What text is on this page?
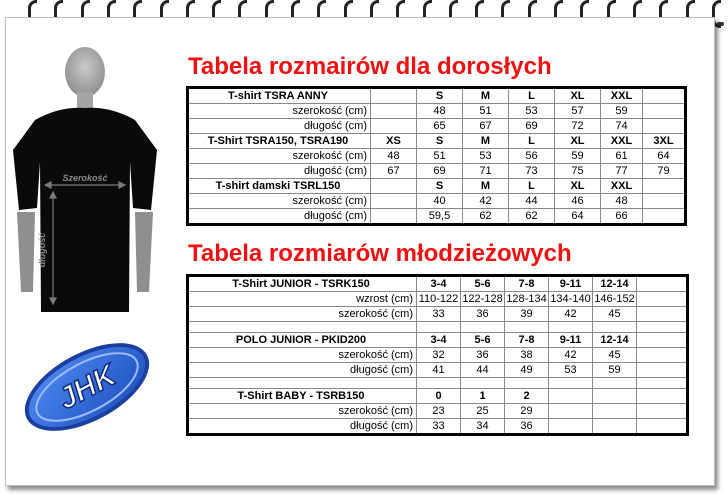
Szerokość
długość
Tabela rozmairów dla dorosłych
T-shirt TSRA ANNY		S	M	L	XL	XXL	
szerokość (cm)		48	51	53	57	59	
długość (cm)		65	67	69	72	74	
T-Shirt TSRA150, TSRA190	XS	S	M	L	XL	XXL	3XL
szerokość (cm)	48	51	53	56	59	61	64
długość (cm)	67	69	71	73	75	77	79
T-shirt damski TSRL150		S	M	L	XL	XXL	
szerokość (cm)		40	42	44	46	48	
długość (cm)		59,5	62	62	64	66	
Tabela rozmiarów młodzieżowych
T-Shirt JUNIOR - TSRK150	3-4	5-6	7-8	9-11	12-14	
wzrost (cm)	110-122	122-128	128-134	134-140	146-152	
szerokość (cm)	33	36	39	42	45	

POLO JUNIOR - PKID200	3-4	5-6	7-8	9-11	12-14	
szerokość (cm)	32	36	38	42	45	
długość (cm)	41	44	49	53	59	

T-Shirt BABY - TSRB150	0	1	2			
szerokość (cm)	23	25	29			
długość (cm)	33	34	36			
JHK
